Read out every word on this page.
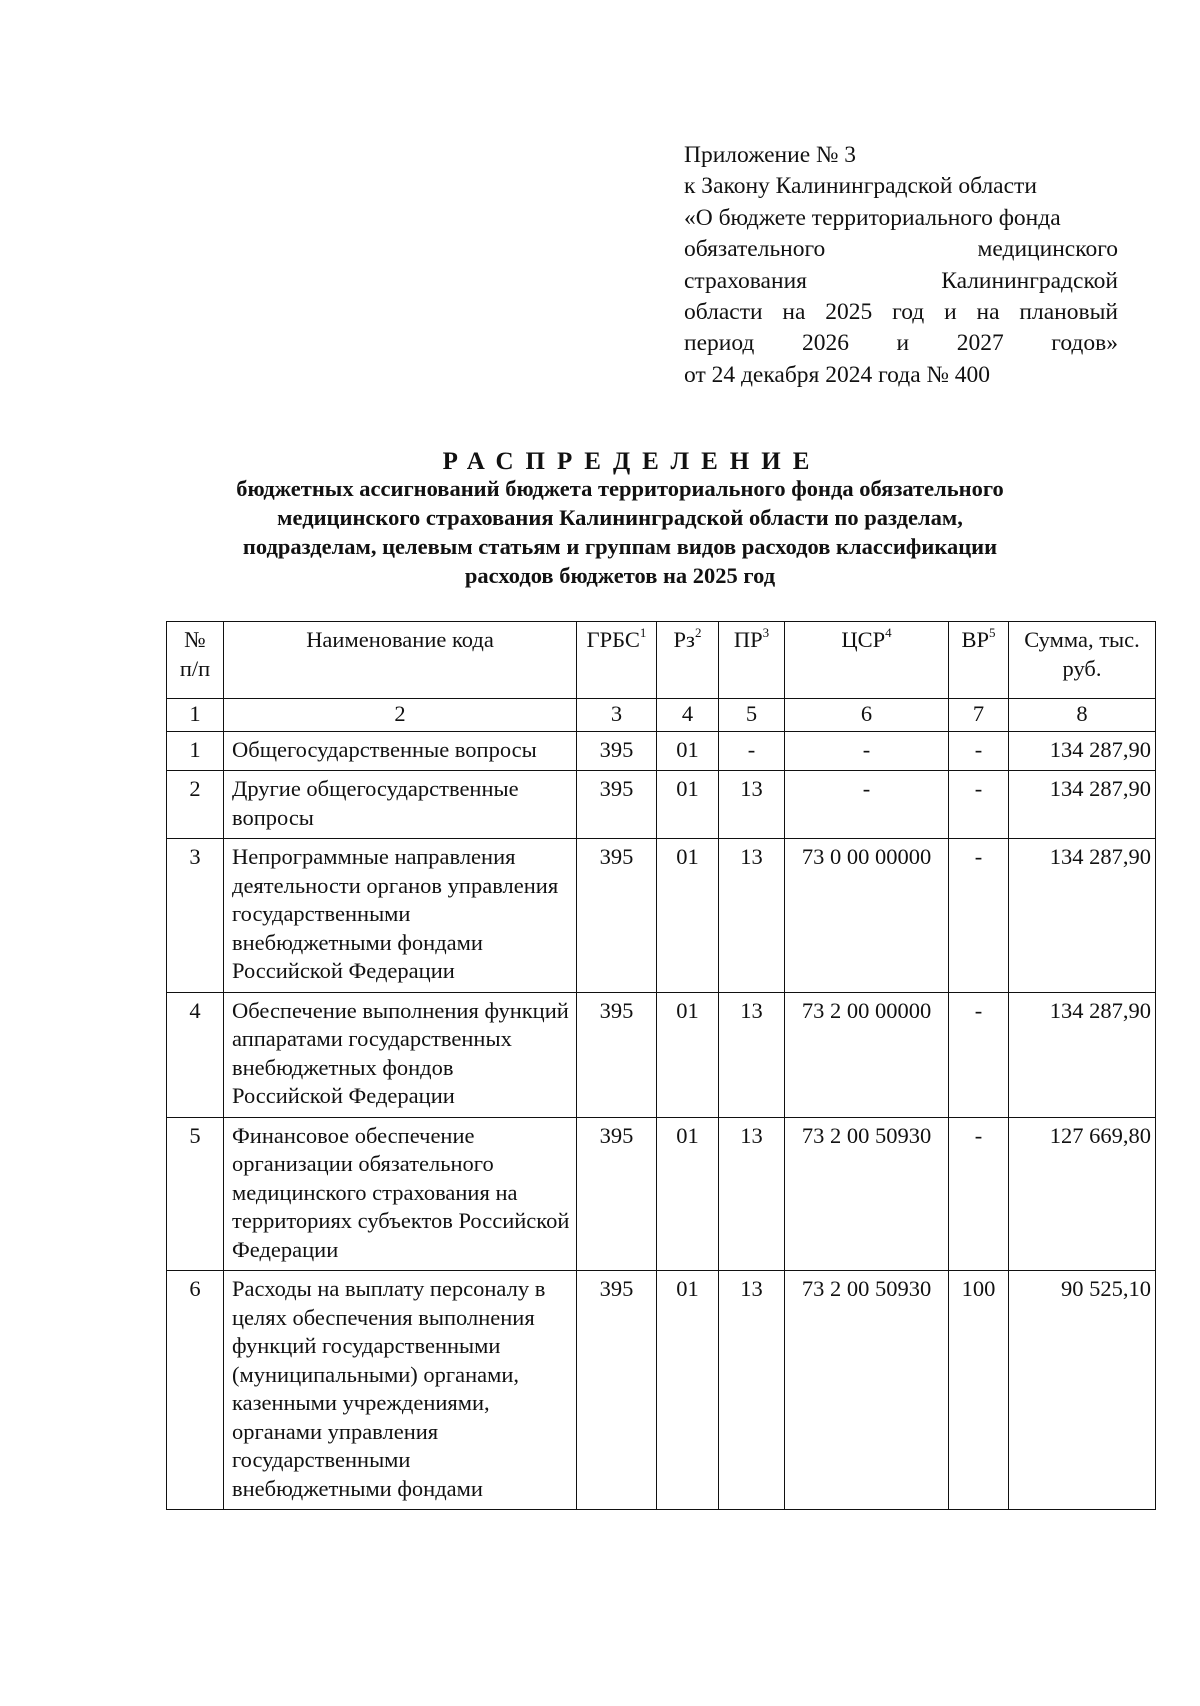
Приложение № 3
к Закону Калининградской области
«О бюджете территориального фонда
обязательного	медицинского
страхования	Калининградской
области на 2025 год и на плановый
период 2026 и 2027 годов»
от 24 декабря 2024 года № 400
РАСПРЕДЕЛЕНИЕ
бюджетных ассигнований бюджета территориального фонда обязательного
медицинского страхования Калининградской области по разделам,
подразделам, целевым статьям и группам видов расходов классификации
расходов бюджетов на 2025 год
№ п/п	Наименование кода	ГРБС$^1$	$Рз^2$	$ПР^3$	ЦСР$^4$	$ВР^5$	Сумма, тыс. руб.
1	2	3	4	5	6	7	8
1	Общегосударственные вопросы	395	01	-	-	-	134 287,90
2	Другие общегосударственные вопросы	395	01	13	-	-	134 287,90
3	Непрограммные направления деятельности органов управления государственными внебюджетными фондами Российской Федерации	395	01	13	73 0 00 00000	-	134 287,90
4	Обеспечение выполнения функций аппаратами государственных внебюджетных фондов Российской Федерации	395	01	13	73 2 00 00000	-	134 287,90
5	Финансовое обеспечение организации обязательного медицинского страхования на территориях субъектов Российской Федерации	395	01	13	73 2 00 50930	-	127 669,80
6	Расходы на выплату персоналу в целях обеспечения выполнения функций государственными (муниципальными) органами, казенными учреждениями, органами управления государственными внебюджетными фондами	395	01	13	73 2 00 50930	100	90 525,10
